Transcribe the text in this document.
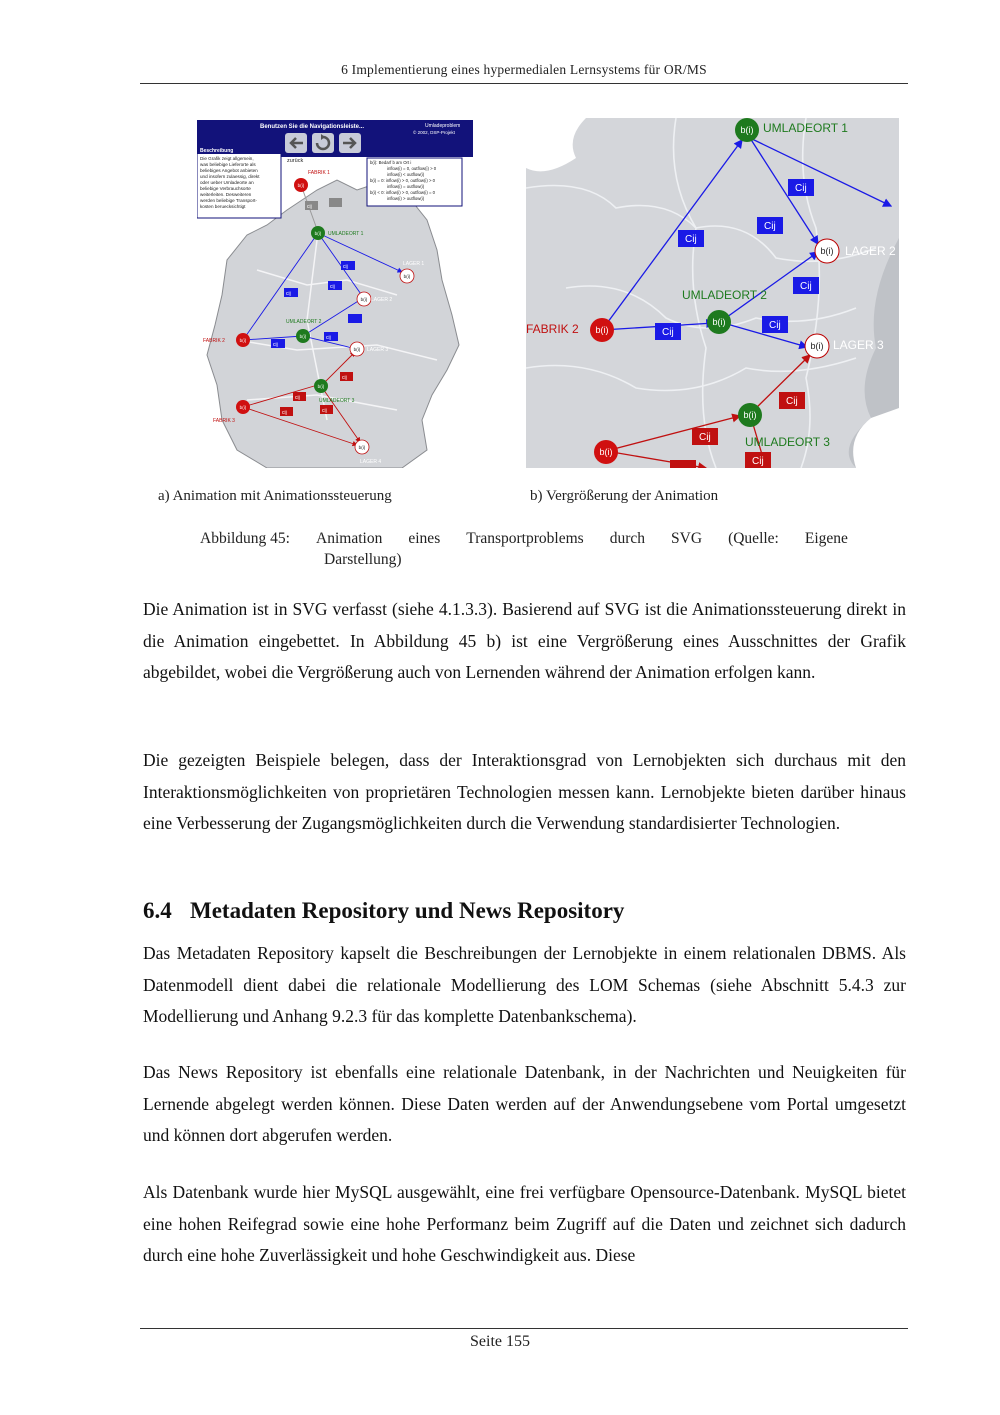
6 Implementierung eines hypermedialen Lernsystems für OR/MS
Benutzen Sie die Navigationsleiste...	Umladeproblem
© 2002, DSP-Projekt
zurück
Beschreibung
Die Grafik zeigt allgemein,
was beliebige Lieferorte als
beliebiges Angebot anbieten
und insofern zulaessig, direkt
oder ueber Umladeorte an
beliebige Verbrauchsorte
weiterleiten. Desweiteren
werden beliebige Transport-
kosten beruecksichtigt
b(i): Bedarf b am Ort i
inflow(i) = 0, outflow(i) > 0
inflow(i) < outflow(i)
b(i) = 0: inflow(i) > 0, outflow(i) > 0
inflow(i) = outflow(i)
b(i) < 0: inflow(i) > 0, outflow(i) = 0
inflow(i) > outflow(i)
cij
cij
cij
cij
cij
cij
cij
cij
cij	cij
b(i)
b(i)
b(i)
b(i)
b(i)
b(i)
b(i)
b(i)
b(i)
b(i)
FABRIK 1
UMLADEORT 1
FABRIK 2
UMLADEORT 2
UMLADEORT 3
FABRIK 3
LAGER 1
LAGER 2
LAGER 3
LAGER 4
Cij
Cij
Cij
Cij
Cij
Cij
Cij
Cij
Cij
b(i)
b(i)
b(i)
b(i)
b(i)
b(i)
b(i)
UMLADEORT 1
LAGER 2
UMLADEORT 2
FABRIK 2
LAGER 3
UMLADEORT 3
a) Animation mit Animationssteuerung	b) Vergrößerung der Animation
Abbildung 45: Animation eines Transportproblems durch SVG (Quelle: Eigene
Darstellung)

Die Animation ist in SVG verfasst (siehe 4.1.3.3). Basierend auf SVG ist die Animationssteuerung direkt in die Animation eingebettet. In Abbildung 45 b) ist eine Vergrößerung eines Ausschnittes der Grafik abgebildet, wobei die Vergrößerung auch von Lernenden während der Animation erfolgen kann.

Die gezeigten Beispiele belegen, dass der Interaktionsgrad von Lernobjekten sich durchaus mit den Interaktionsmöglichkeiten von proprietären Technologien messen kann. Lernobjekte bieten darüber hinaus eine Verbesserung der Zugangsmöglichkeiten durch die Verwendung standardisierter Technologien.

6.4 Metadaten Repository und News Repository

Das Metadaten Repository kapselt die Beschreibungen der Lernobjekte in einem relationalen DBMS. Als Datenmodell dient dabei die relationale Modellierung des LOM Schemas (siehe Abschnitt 5.4.3 zur Modellierung und Anhang 9.2.3 für das komplette Datenbankschema).

Das News Repository ist ebenfalls eine relationale Datenbank, in der Nachrichten und Neuigkeiten für Lernende abgelegt werden können. Diese Daten werden auf der Anwendungsebene vom Portal umgesetzt und können dort abgerufen werden.

Als Datenbank wurde hier MySQL ausgewählt, eine frei verfügbare Opensource-Datenbank. MySQL bietet eine hohen Reifegrad sowie eine hohe Performanz beim Zugriff auf die Daten und zeichnet sich dadurch durch eine hohe Zuverlässigkeit und hohe Geschwindigkeit aus. Diese

Seite 155
